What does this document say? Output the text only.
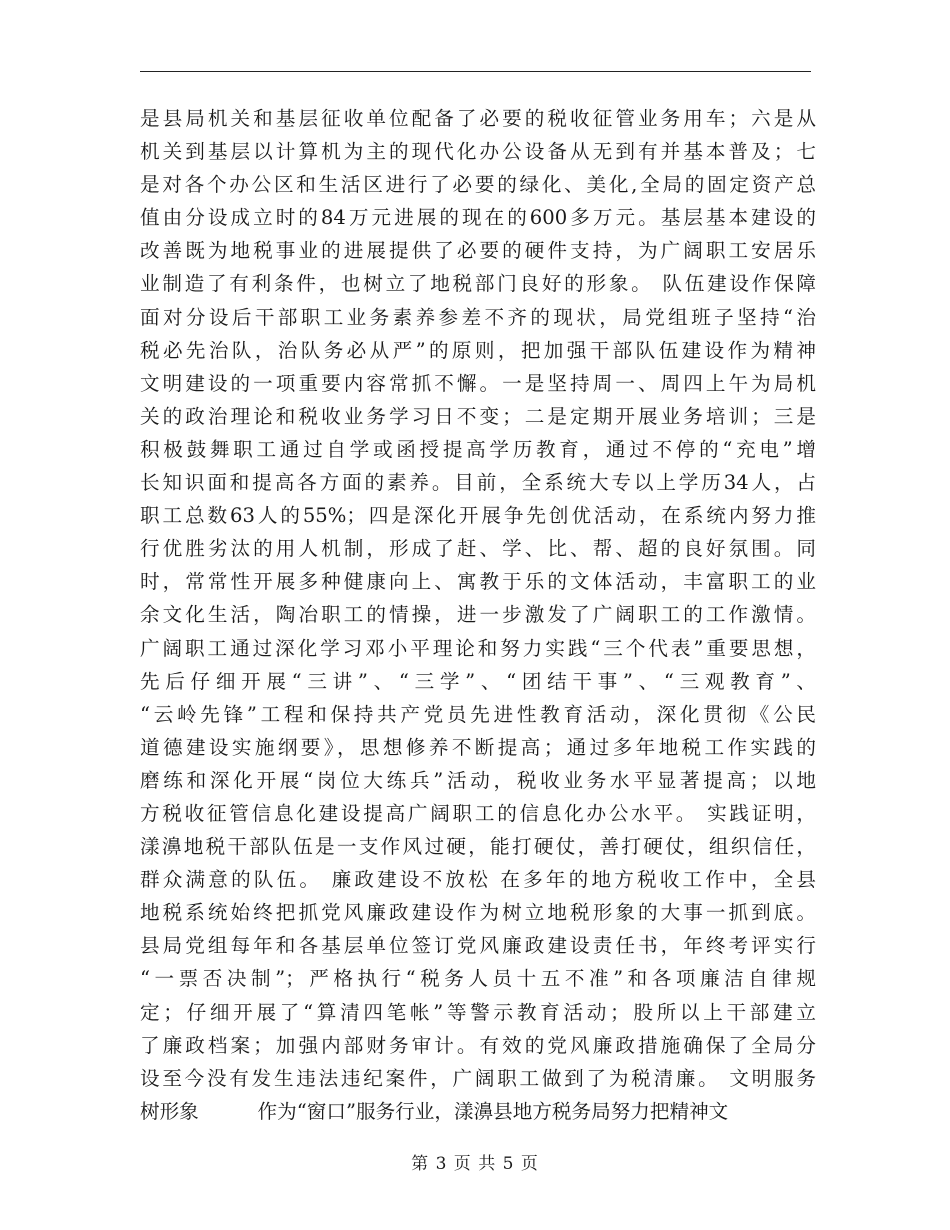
是县局机关和基层征收单位配备了必要的税收征管业务用车；六是从
机关到基层以计算机为主的现代化办公设备从无到有并基本普及；七
是对各个办公区和生活区进行了必要的绿化、美化,全局的固定资产总
值由分设成立时的84万元进展的现在的600多万元。基层基本建设的
改善既为地税事业的进展提供了必要的硬件支持，为广阔职工安居乐
业制造了有利条件，也树立了地税部门良好的形象。 队伍建设作保障
面对分设后干部职工业务素养参差不齐的现状，局党组班子坚持“治
税必先治队，治队务必从严”的原则，把加强干部队伍建设作为精神
文明建设的一项重要内容常抓不懈。一是坚持周一、周四上午为局机
关的政治理论和税收业务学习日不变；二是定期开展业务培训；三是
积极鼓舞职工通过自学或函授提高学历教育，通过不停的“充电”增
长知识面和提高各方面的素养。目前，全系统大专以上学历34人，占
职工总数63人的55%；四是深化开展争先创优活动，在系统内努力推
行优胜劣汰的用人机制，形成了赶、学、比、帮、超的良好氛围。同
时，常常性开展多种健康向上、寓教于乐的文体活动，丰富职工的业
余文化生活，陶冶职工的情操，进一步激发了广阔职工的工作激情。
广阔职工通过深化学习邓小平理论和努力实践“三个代表”重要思想，
先后仔细开展“三讲”、“三学”、“团结干事”、“三观教育”、
“云岭先锋”工程和保持共产党员先进性教育活动，深化贯彻《公民
道德建设实施纲要》，思想修养不断提高；通过多年地税工作实践的
磨练和深化开展“岗位大练兵”活动，税收业务水平显著提高；以地
方税收征管信息化建设提高广阔职工的信息化办公水平。 实践证明，
漾濞地税干部队伍是一支作风过硬，能打硬仗，善打硬仗，组织信任，
群众满意的队伍。 廉政建设不放松 在多年的地方税收工作中，全县
地税系统始终把抓党风廉政建设作为树立地税形象的大事一抓到底。
县局党组每年和各基层单位签订党风廉政建设责任书，年终考评实行
“一票否决制”；严格执行“税务人员十五不准”和各项廉洁自律规
定；仔细开展了“算清四笔帐”等警示教育活动；股所以上干部建立
了廉政档案；加强内部财务审计。有效的党风廉政措施确保了全局分
设至今没有发生违法违纪案件，广阔职工做到了为税清廉。 文明服务
树形象　　　作为“窗口”服务行业，漾濞县地方税务局努力把精神文
第 3 页 共 5 页
